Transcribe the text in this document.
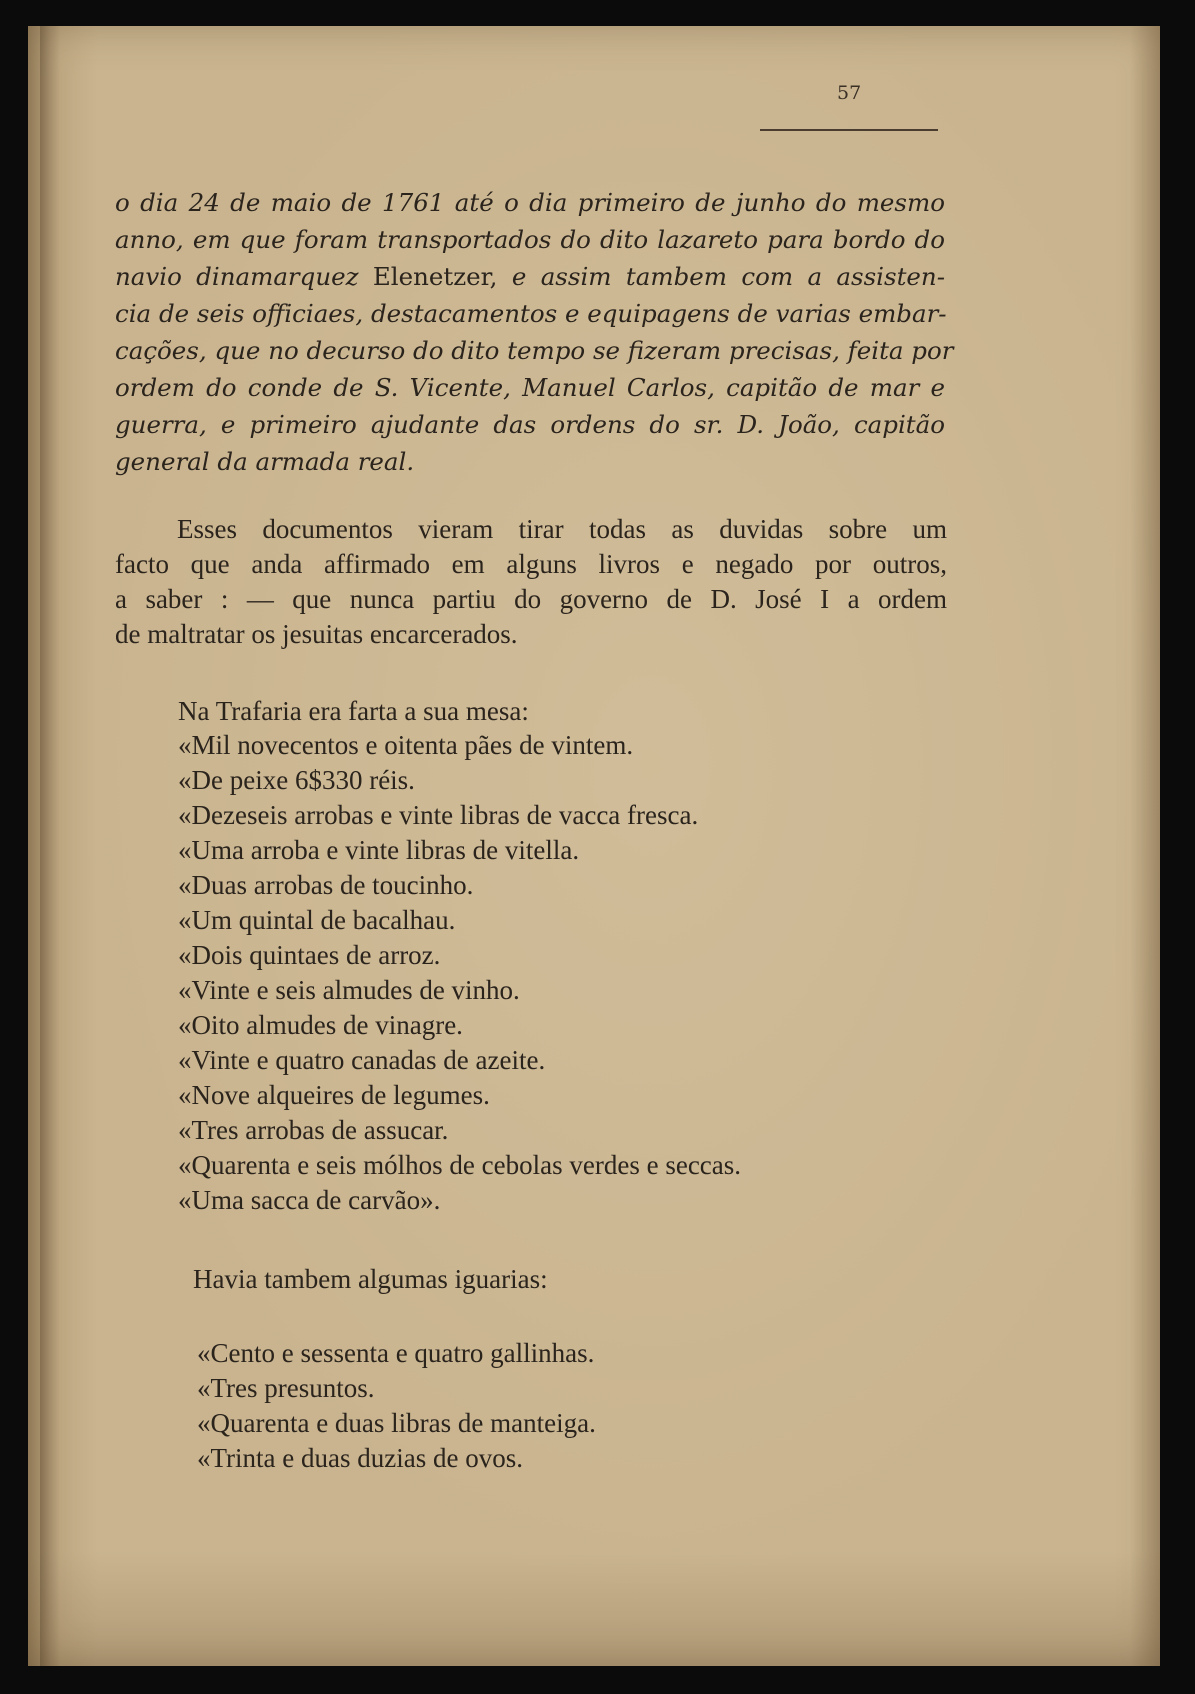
57
o dia 24 de maio de 1761 até o dia primeiro de junho do mesmo
anno, em que foram transportados do dito lazareto para bordo do
navio dinamarquez Elenetzer, e assim tambem com a assisten-
cia de seis officiaes, destacamentos e equipagens de varias embar-
cações, que no decurso do dito tempo se fizeram precisas, feita por
ordem do conde de S. Vicente, Manuel Carlos, capitão de mar e
guerra, e primeiro ajudante das ordens do sr. D. João, capitão
general da armada real.
Esses documentos vieram tirar todas as duvidas sobre um
facto que anda affirmado em alguns livros e negado por outros,
a saber : — que nunca partiu do governo de D. José I a ordem
de maltratar os jesuitas encarcerados.
Na Trafaria era farta a sua mesa:
«Mil novecentos e oitenta pães de vintem.
«De peixe 6$330 réis.
«Dezeseis arrobas e vinte libras de vacca fresca.
«Uma arroba e vinte libras de vitella.
«Duas arrobas de toucinho.
«Um quintal de bacalhau.
«Dois quintaes de arroz.
«Vinte e seis almudes de vinho.
«Oito almudes de vinagre.
«Vinte e quatro canadas de azeite.
«Nove alqueires de legumes.
«Tres arrobas de assucar.
«Quarenta e seis mólhos de cebolas verdes e seccas.
«Uma sacca de carvão».
Havia tambem algumas iguarias:
«Cento e sessenta e quatro gallinhas.
«Tres presuntos.
«Quarenta e duas libras de manteiga.
«Trinta e duas duzias de ovos.
